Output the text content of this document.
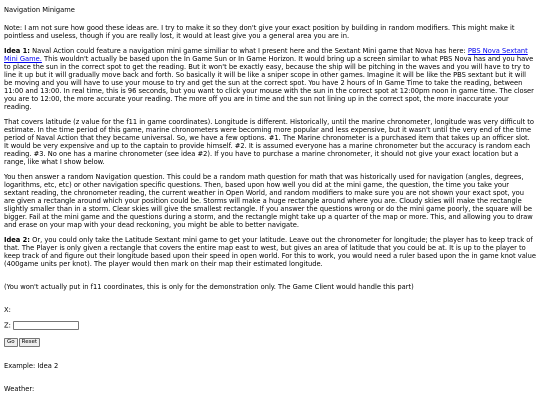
Navigation Minigame

Note: I am not sure how good these ideas are. I try to make it so they don't give your exact position by building in random modifiers. This might make it pointless and useless, though if you are really lost, it would at least give you a general area you are in.

Idea 1: Naval Action could feature a navigation mini game similiar to what I present here and the Sextant Mini game that Nova has here: PBS Nova Sextant Mini Game. This wouldn't actually be based upon the In Game Sun or In Game Horizon. It would bring up a screen similar to what PBS Nova has and you have to place the sun in the correct spot to get the reading. But it won't be exactly easy, because the ship will be pitching in the waves and you will have to try to line it up but it will gradually move back and forth. So basically it will be like a sniper scope in other games. Imagine it will be like the PBS sextant but it will be moving and you will have to use your mouse to try and get the sun at the correct spot. You have 2 hours of In Game Time to take the reading, between 11:00 and 13:00. In real time, this is 96 seconds, but you want to click your mouse with the sun in the correct spot at 12:00pm noon in game time. The closer you are to 12:00, the more accurate your reading. The more off you are in time and the sun not lining up in the correct spot, the more inaccurate your reading.

That covers latitude (z value for the f11 in game coordinates). Longitude is different. Historically, until the marine chronometer, longitude was very difficult to estimate. In the time period of this game, marine chronometers were becoming more popular and less expensive, but it wasn't until the very end of the time period of Naval Action that they became universal. So, we have a few options. #1. The Marine chronometer is a purchased item that takes up an officer slot. It would be very expensive and up to the captain to provide himself. #2. It is assumed everyone has a marine chronometer but the accuracy is random each reading. #3. No one has a marine chronometer (see idea #2). If you have to purchase a marine chronometer, it should not give your exact location but a range, like what I show below.

You then answer a random Navigation question. This could be a random math question for math that was historically used for navigation (angles, degrees, logarithms, etc, etc) or other navigation specific questions. Then, based upon how well you did at the mini game, the question, the time you take your sextant reading, the chronometer reading, the current weather in Open World, and random modifiers to make sure you are not shown your exact spot, you are given a rectangle around which your position could be. Storms will make a huge rectangle around where you are. Cloudy skies will make the rectangle slightly smaller than in a storm. Clear skies will give the smallest rectangle. If you answer the questions wrong or do the mini game poorly, the square will be bigger. Fail at the mini game and the questions during a storm, and the rectangle might take up a quarter of the map or more. This, and allowing you to draw and erase on your map with your dead reckoning, you might be able to better navigate.

Idea 2: Or, you could only take the Latitude Sextant mini game to get your latitude. Leave out the chronometer for longitude; the player has to keep track of that. The Player is only given a rectangle that covers the entire map east to west, but gives an area of latitude that you could be at. It is up to the player to keep track of and figure out their longitude based upon their speed in open world. For this to work, you would need a ruler based upon the in game knot value (400game units per knot). The player would then mark on their map their estimated longitude.

(You won't actually put in f11 coordinates, this is only for the demonstration only. The Game Client would handle this part)

X:
Z:
Go Reset

Example: Idea 2

Weather:
